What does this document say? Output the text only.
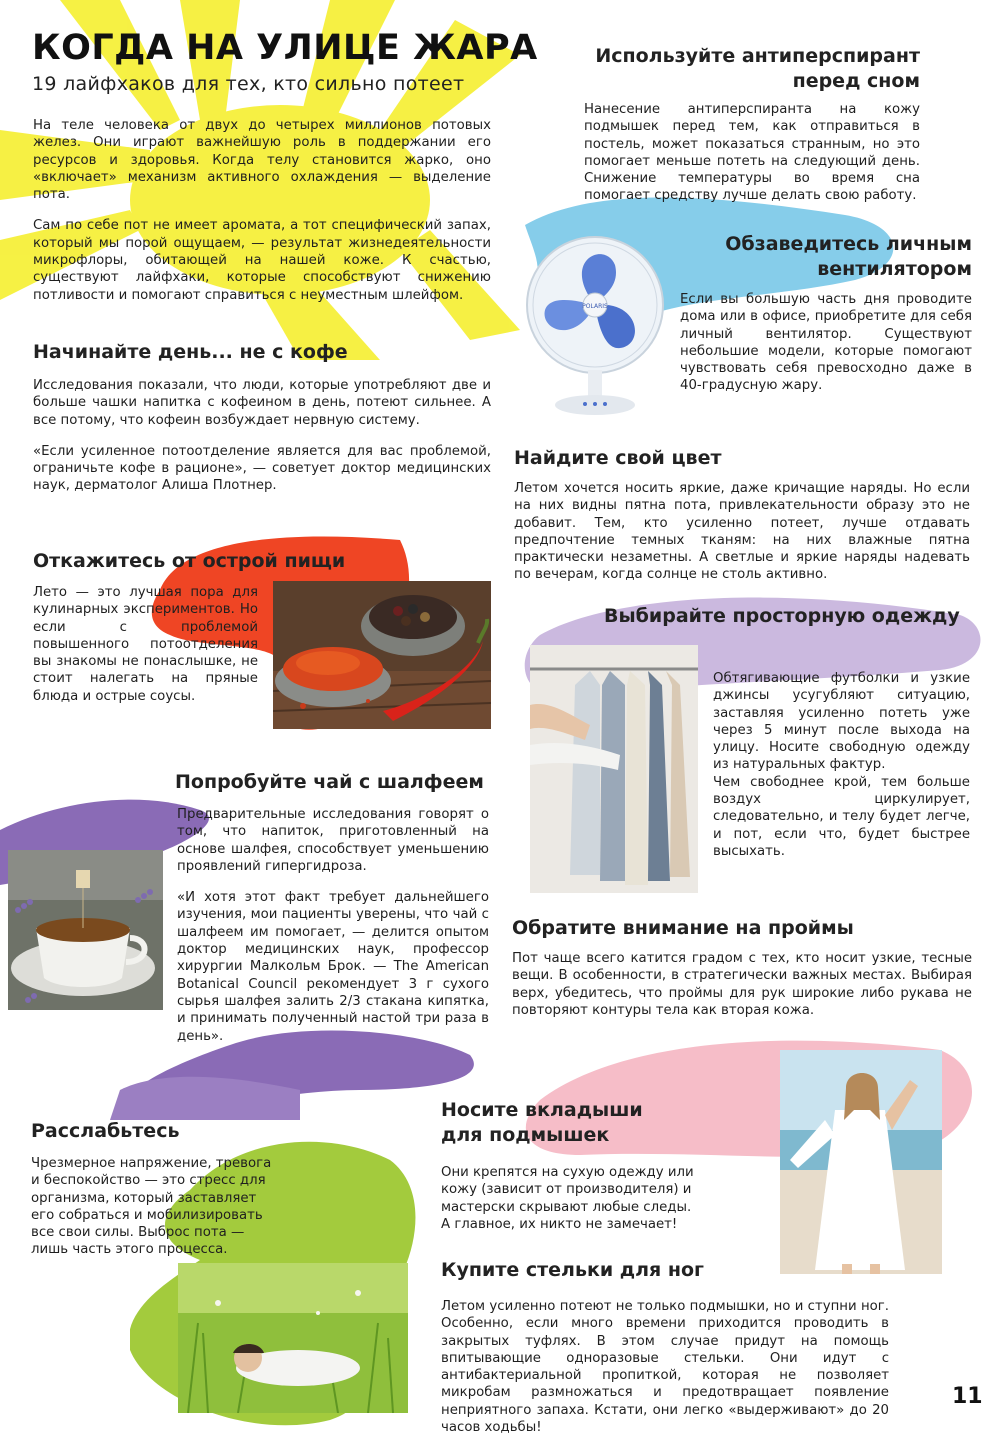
КОГДА НА УЛИЦЕ ЖАРА
19 лайфхаков для тех, кто сильно потеет

На теле человека от двух до четырех миллионов потовых желез. Они играют важнейшую роль в поддержании его ресурсов и здоровья. Когда телу становится жарко, оно «включает» механизм активного охлаждения — выделение пота.

Сам по себе пот не имеет аромата, а тот специфический запах, который мы порой ощущаем, — результат жизнедеятельности микрофлоры, обитающей на нашей коже. К счастью, существуют лайфхаки, которые способствуют снижению потливости и помогают справиться с неуместным шлейфом.

Начинайте день... не с кофе

Исследования показали, что люди, которые употребляют две и больше чашки напитка с кофеином в день, потеют сильнее. А все потому, что кофеин возбуждает нервную систему.

«Если усиленное потоотделение является для вас проблемой, ограничьте кофе в рационе», — советует доктор медицинских наук, дерматолог Алиша Плотнер.

Откажитесь от острой пищи
Лето — это лучшая пора для кулинарных экспериментов. Но если с проблемой повышенного потоотделения вы знакомы не понаслышке, не стоит налегать на пряные блюда и острые соусы.
Попробуйте чай с шалфеем

Предварительные исследования говорят о том, что напиток, приготовленный на основе шалфея, способствует уменьшению проявлений гипергидроза.

«И хотя этот факт требует дальнейшего изучения, мои пациенты уверены, что чай с шалфеем им помогает, — делится опытом доктор медицинских наук, профессор хирургии Малкольм Брок. — The American Botanical Council рекомендует 3 г сухого сырья шалфея залить 2/3 стакана кипятка, и принимать полученный настой три раза в день».

Расслабьтесь
Чрезмерное напряжение, тревога и беспокойство — это стресс для организма, который заставляет его собраться и мобилизировать все свои силы. Выброс пота — лишь часть этого процесса.
Используйте антиперспирант
перед сном
Нанесение антиперспиранта на кожу подмышек перед тем, как отправиться в постель, может показаться странным, но это помогает меньше потеть на следующий день. Снижение температуры во время сна помогает средству лучше делать свою работу.
Обзаведитесь личным
вентилятором
Если вы большую часть дня проводите дома или в офисе, приобретите для себя личный вентилятор. Существуют небольшие модели, которые помогают чувствовать себя превосходно даже в 40-градусную жару.
POLARIS
Найдите свой цвет
Летом хочется носить яркие, даже кричащие наряды. Но если на них видны пятна пота, привлекательности образу это не добавит. Тем, кто усиленно потеет, лучше отдавать предпочтение темных тканям: на них влажные пятна практически незаметны. А светлые и яркие наряды надевать по вечерам, когда солнце не столь активно.
Выбирайте просторную одежду
Обтягивающие футболки и узкие джинсы усугубляют ситуацию, заставляя усиленно потеть уже через 5 минут после выхода на улицу. Носите свободную одежду из натуральных фактур.
Чем свободнее крой, тем больше воздух циркулирует, следовательно, и телу будет легче, и пот, если что, будет быстрее высыхать.
Обратите внимание на проймы
Пот чаще всего катится градом с тех, кто носит узкие, тесные вещи. В особенности, в стратегически важных местах. Выбирая верх, убедитесь, что проймы для рук широкие либо рукава не повторяют контуры тела как вторая кожа.
Носите вкладыши
для подмышек
Они крепятся на сухую одежду или кожу (зависит от производителя) и мастерски скрывают любые следы. А главное, их никто не замечает!
Купите стельки для ног
Летом усиленно потеют не только подмышки, но и ступни ног. Особенно, если много времени приходится проводить в закрытых туфлях. В этом случае придут на помощь впитывающие одноразовые стельки. Они идут с антибактериальной пропиткой, которая не позволяет микробам размножаться и предотвращает появление неприятного запаха. Кстати, они легко «выдерживают» до 20 часов ходьбы!
11
